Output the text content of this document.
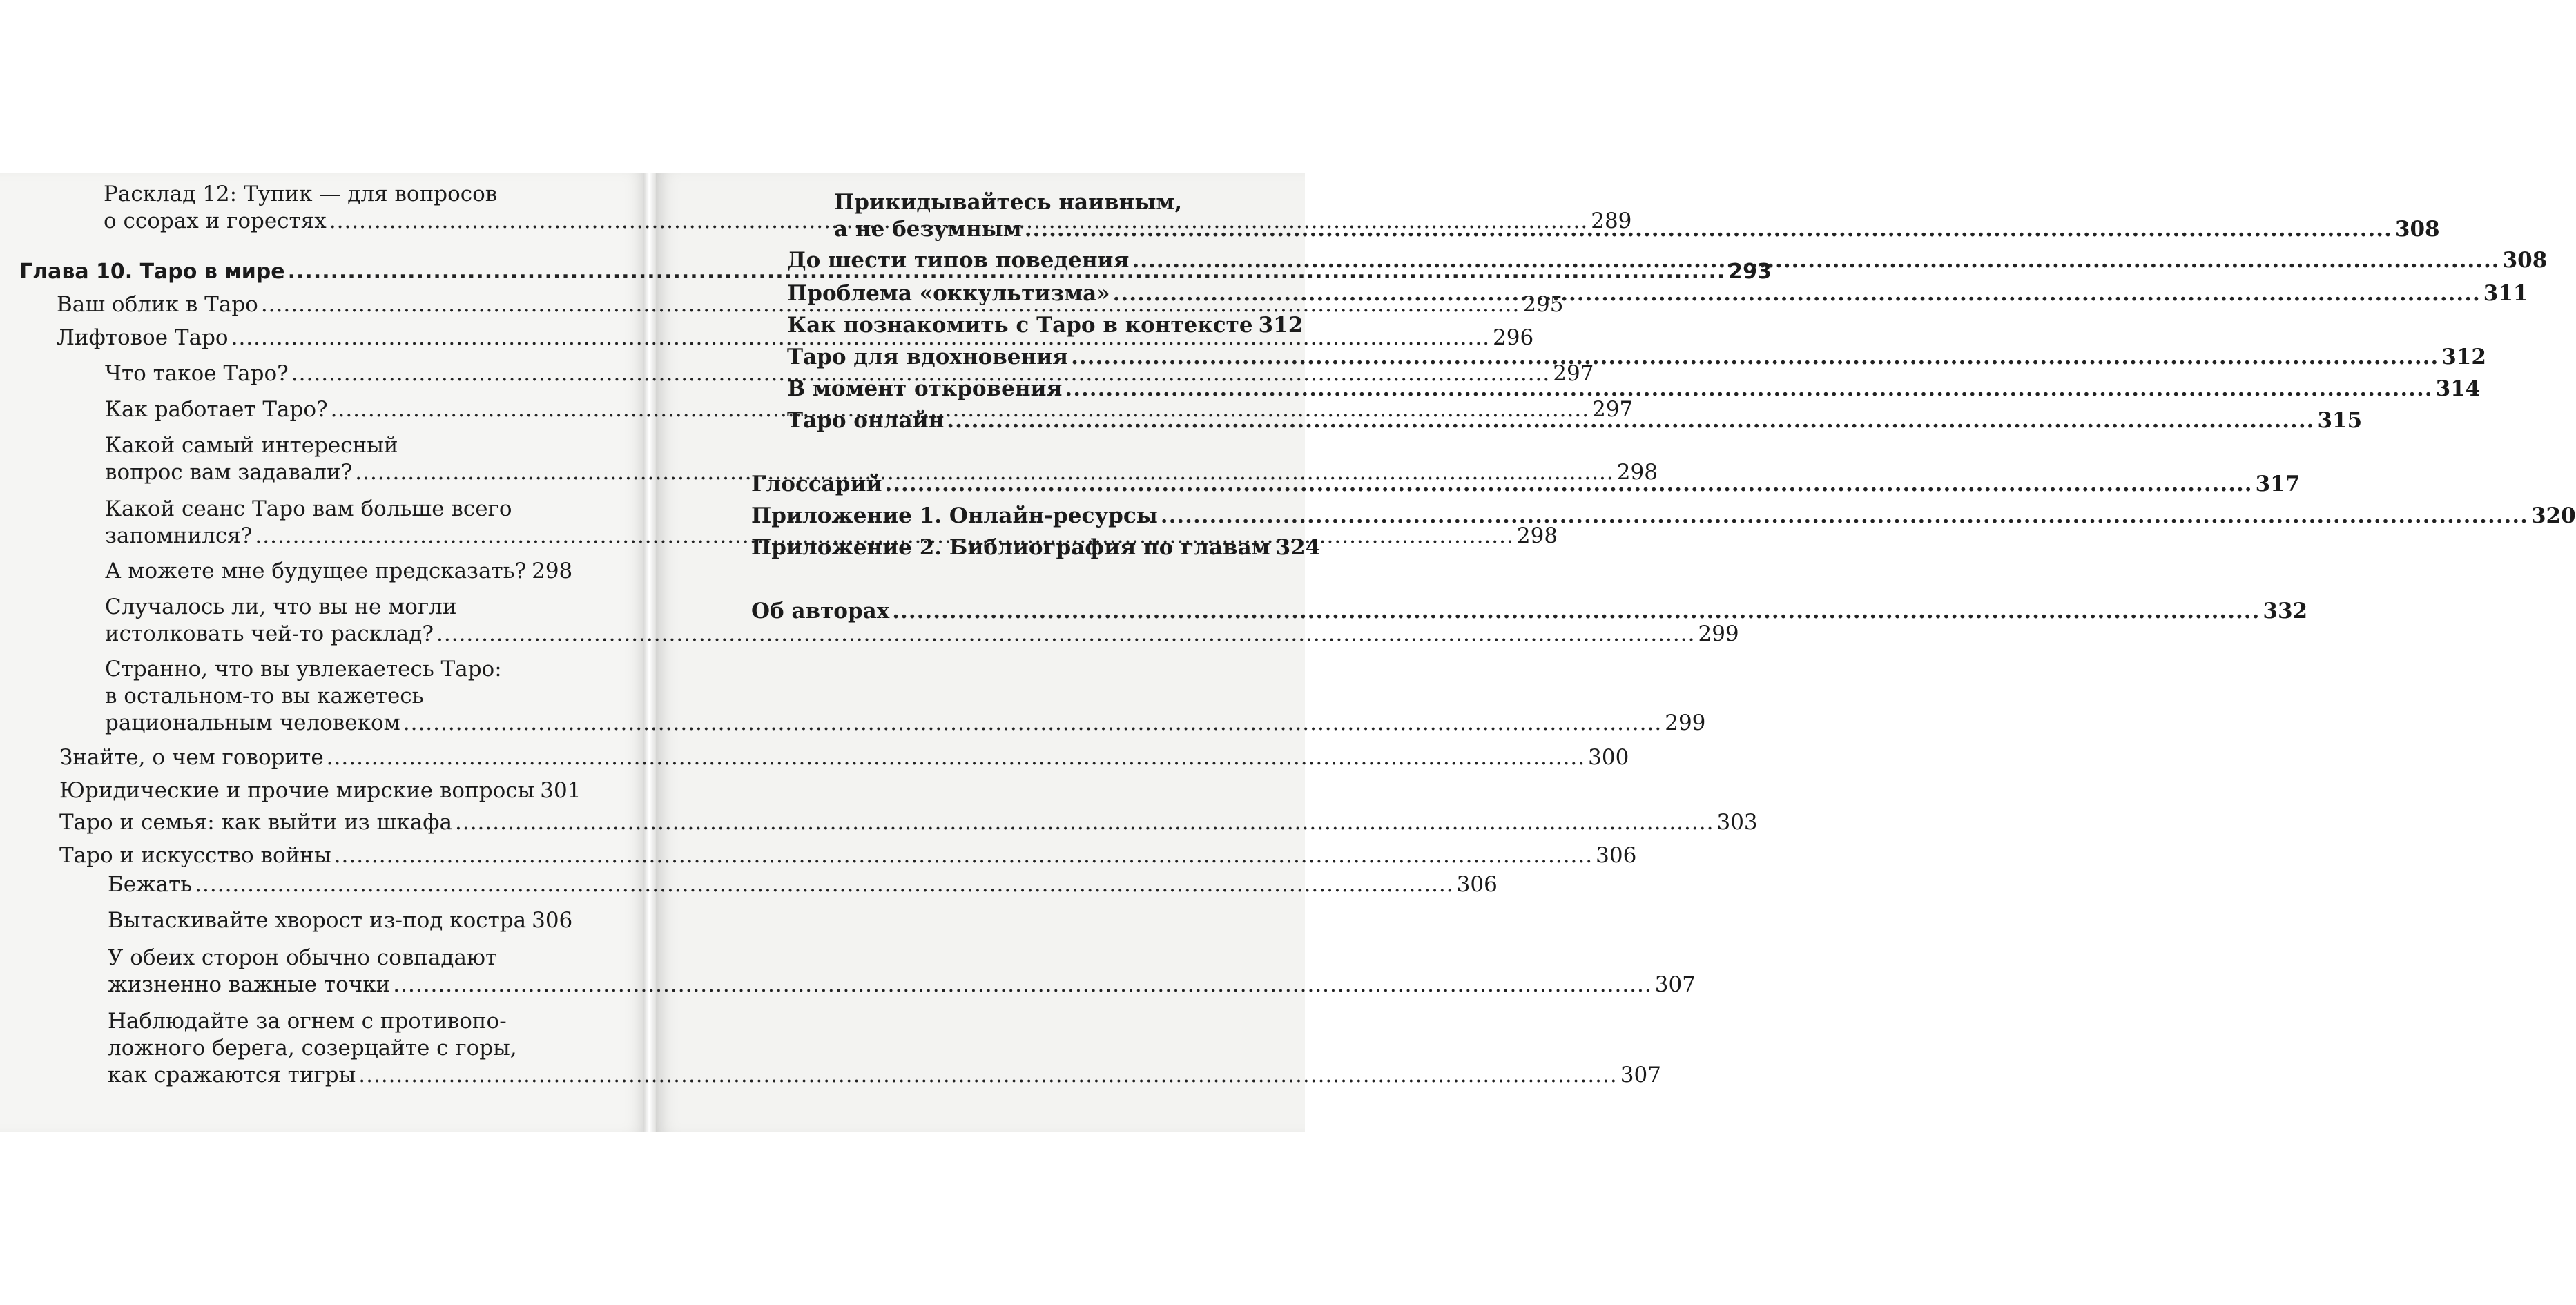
Расклад 12: Тупик — для вопросов
о ссорах и горестях .....	289
Глава 10. Таро в мире .....	293
Ваш облик в Таро .....	295
Лифтовое Таро .....	296
Что такое Таро? .....	297
Как работает Таро? .....	297
Какой самый интересный
вопрос вам задавали? .....	298
Какой сеанс Таро вам больше всего
запомнился? .....	298
А можете мне будущее предсказать? 298
Случалось ли, что вы не могли
истолковать чей-то расклад? .....	299
Странно, что вы увлекаетесь Таро:
в остальном-то вы кажетесь
рациональным человеком .....	299
Знайте, о чем говорите .....	300
Юридические и прочие мирские вопросы 301
Таро и семья: как выйти из шкафа .....	303
Таро и искусство войны .....	306
Бежать .....	306
Вытаскивайте хворост из-под костра 306
У обеих сторон обычно совпадают
жизненно важные точки .....	307
Наблюдайте за огнем с противопо-
ложного берега, созерцайте с горы,
как сражаются тигры .....	307
Прикидывайтесь наивным,
а не безумным .....	308
До шести типов поведения .....	308
Проблема «оккультизма» .....	311
Как познакомить с Таро в контексте 312
Таро для вдохновения .....	312
В момент откровения .....	314
Таро онлайн .....	315
Глоссарий .....	317
Приложение 1. Онлайн-ресурсы .....	320
Приложение 2. Библиография по главам 324
Об авторах .....	332
